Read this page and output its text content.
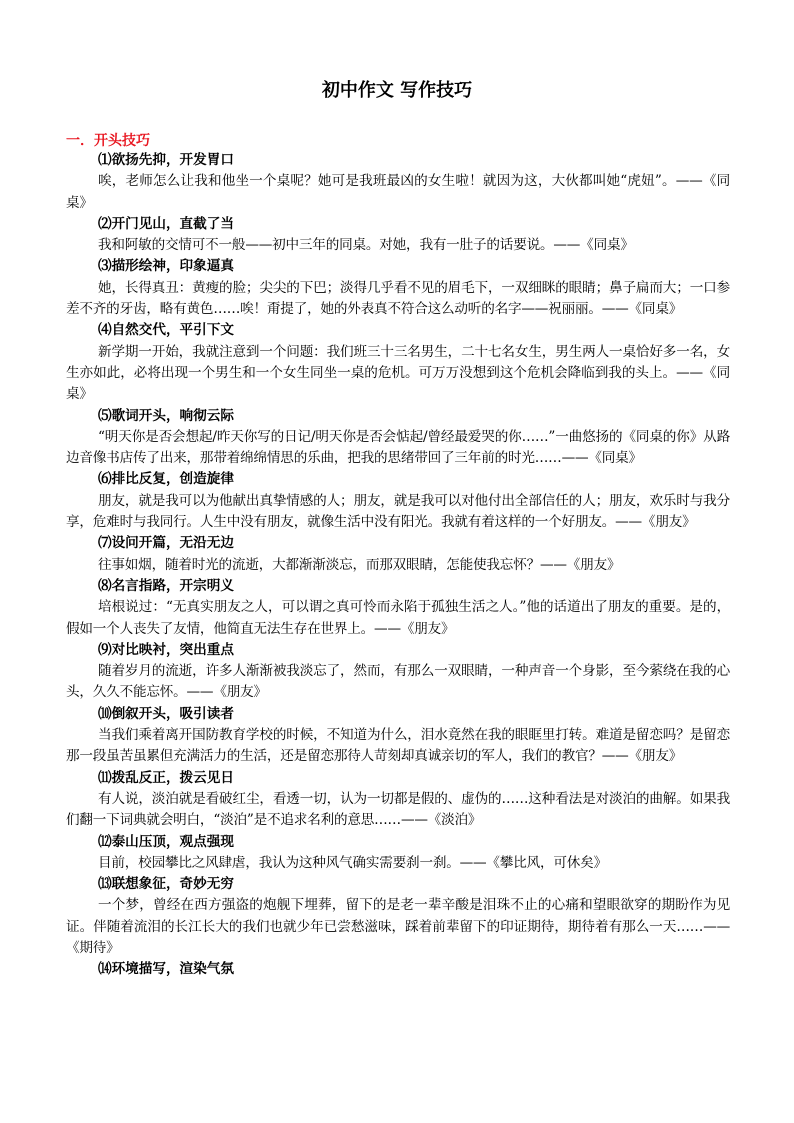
初中作文 写作技巧
一．开头技巧
⑴欲扬先抑，开发胃口
唉，老师怎么让我和他坐一个桌呢？她可是我班最凶的女生啦！就因为这，大伙都叫她“虎妞”。——《同桌》
⑵开门见山，直截了当
我和阿敏的交情可不一般——初中三年的同桌。对她，我有一肚子的话要说。——《同桌》
⑶描形绘神，印象逼真
她，长得真丑：黄瘦的脸；尖尖的下巴；淡得几乎看不见的眉毛下，一双细眯的眼睛；鼻子扁而大；一口参差不齐的牙齿，略有黄色……唉！甭提了，她的外表真不符合这么动听的名字——祝丽丽。——《同桌》
⑷自然交代，平引下文
新学期一开始，我就注意到一个问题：我们班三十三名男生，二十七名女生，男生两人一桌恰好多一名，女生亦如此，必将出现一个男生和一个女生同坐一桌的危机。可万万没想到这个危机会降临到我的头上。——《同桌》
⑸歌词开头，响彻云际
“明天你是否会想起/昨天你写的日记/明天你是否会惦起/曾经最爱哭的你……”一曲悠扬的《同桌的你》从路边音像书店传了出来，那带着绵绵情思的乐曲，把我的思绪带回了三年前的时光……——《同桌》
⑹排比反复，创造旋律
朋友，就是我可以为他献出真挚情感的人；朋友，就是我可以对他付出全部信任的人；朋友，欢乐时与我分享，危难时与我同行。人生中没有朋友，就像生活中没有阳光。我就有着这样的一个好朋友。——《朋友》
⑺设问开篇，无沿无边
往事如烟，随着时光的流逝，大都渐渐淡忘，而那双眼睛，怎能使我忘怀？——《朋友》
⑻名言指路，开宗明义
培根说过：“无真实朋友之人，可以谓之真可怜而永陷于孤独生活之人。”他的话道出了朋友的重要。是的，假如一个人丧失了友情，他简直无法生存在世界上。——《朋友》
⑼对比映衬，突出重点
随着岁月的流逝，许多人渐渐被我淡忘了，然而，有那么一双眼睛，一种声音一个身影，至今萦绕在我的心头，久久不能忘怀。——《朋友》
⑽倒叙开头，吸引读者
当我们乘着离开国防教育学校的时候，不知道为什么，泪水竟然在我的眼眶里打转。难道是留恋吗？是留恋那一段虽苦虽累但充满活力的生活，还是留恋那待人苛刻却真诚亲切的军人，我们的教官？——《朋友》
⑾拨乱反正，拨云见日
有人说，淡泊就是看破红尘，看透一切，认为一切都是假的、虚伪的……这种看法是对淡泊的曲解。如果我们翻一下词典就会明白，“淡泊”是不追求名利的意思……——《淡泊》
⑿泰山压顶，观点强现
目前，校园攀比之风肆虐，我认为这种风气确实需要刹一刹。——《攀比风，可休矣》
⒀联想象征，奇妙无穷
一个梦，曾经在西方强盗的炮舰下埋葬，留下的是老一辈辛酸是泪珠不止的心痛和望眼欲穿的期盼作为见证。伴随着流泪的长江长大的我们也就少年已尝愁滋味，踩着前辈留下的印证期待，期待着有那么一天……——《期待》
⒁环境描写，渲染气氛
